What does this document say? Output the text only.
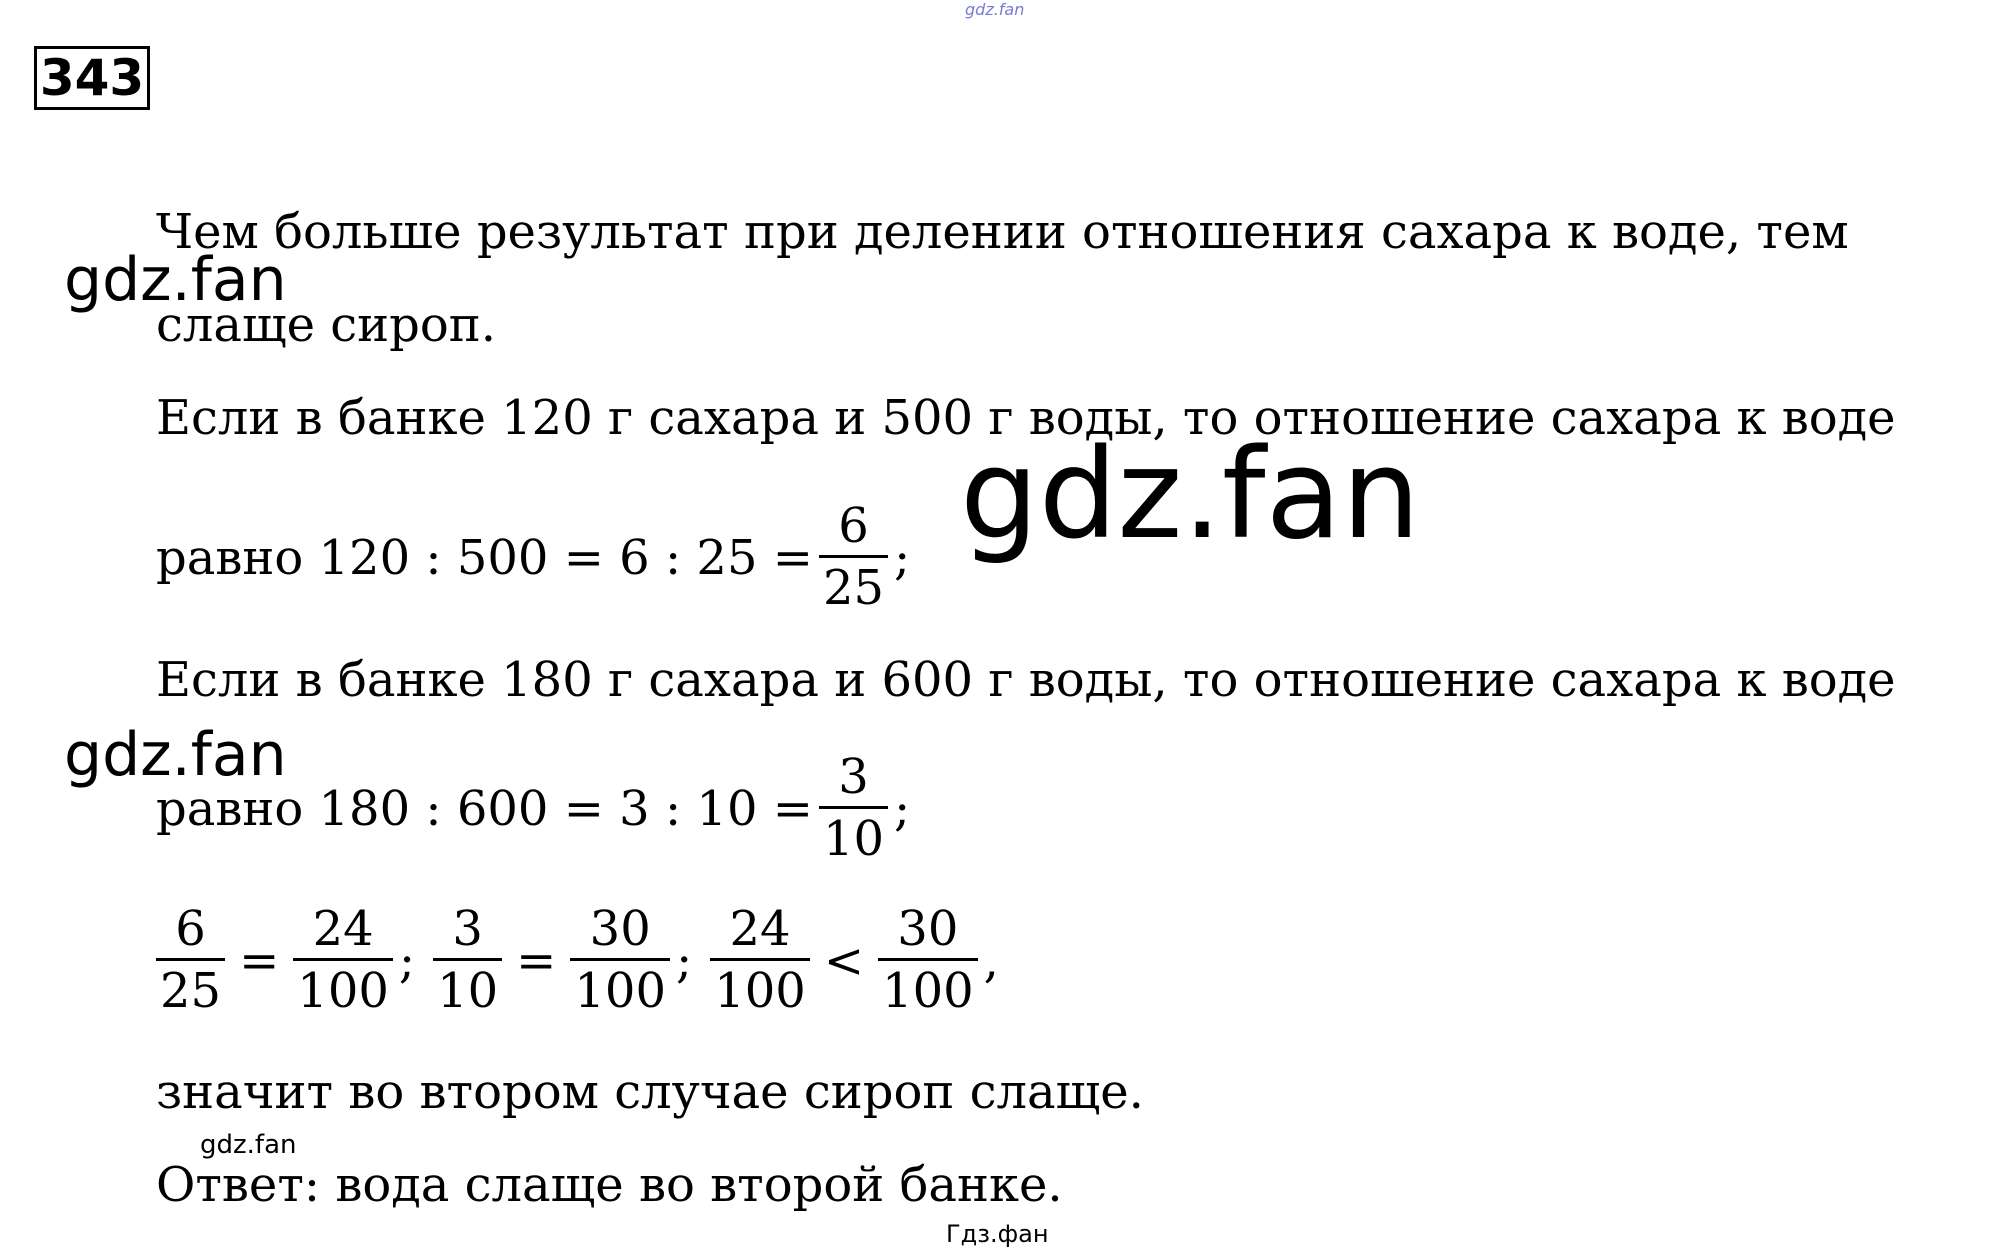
gdz.fan
343
Чем больше результат при делении отношения сахара к воде, тем
слаще сироп.
Если в банке 120 г сахара и 500 г воды, то отношение сахара к воде
равно 120 : 500 = 6 : $25 = \frac{6}{25}$ ;
Если в банке 180 г сахара и 600 г воды, то отношение сахара к воде
равно 180 : 600 = 3 : $10 = \frac{3}{10}$ ;
$\frac{6}{25} = \frac{24}{100}$ ; $\frac{3}{10} = \frac{30}{100}$ ; $\frac{24}{100} < \frac{30}{100}$ ,
значит во втором случае сироп слаще.
Ответ: вода слаще во второй банке.
gdz.fan
gdz.fan
gdz.fan
gdz.fan
Гдз.фан
